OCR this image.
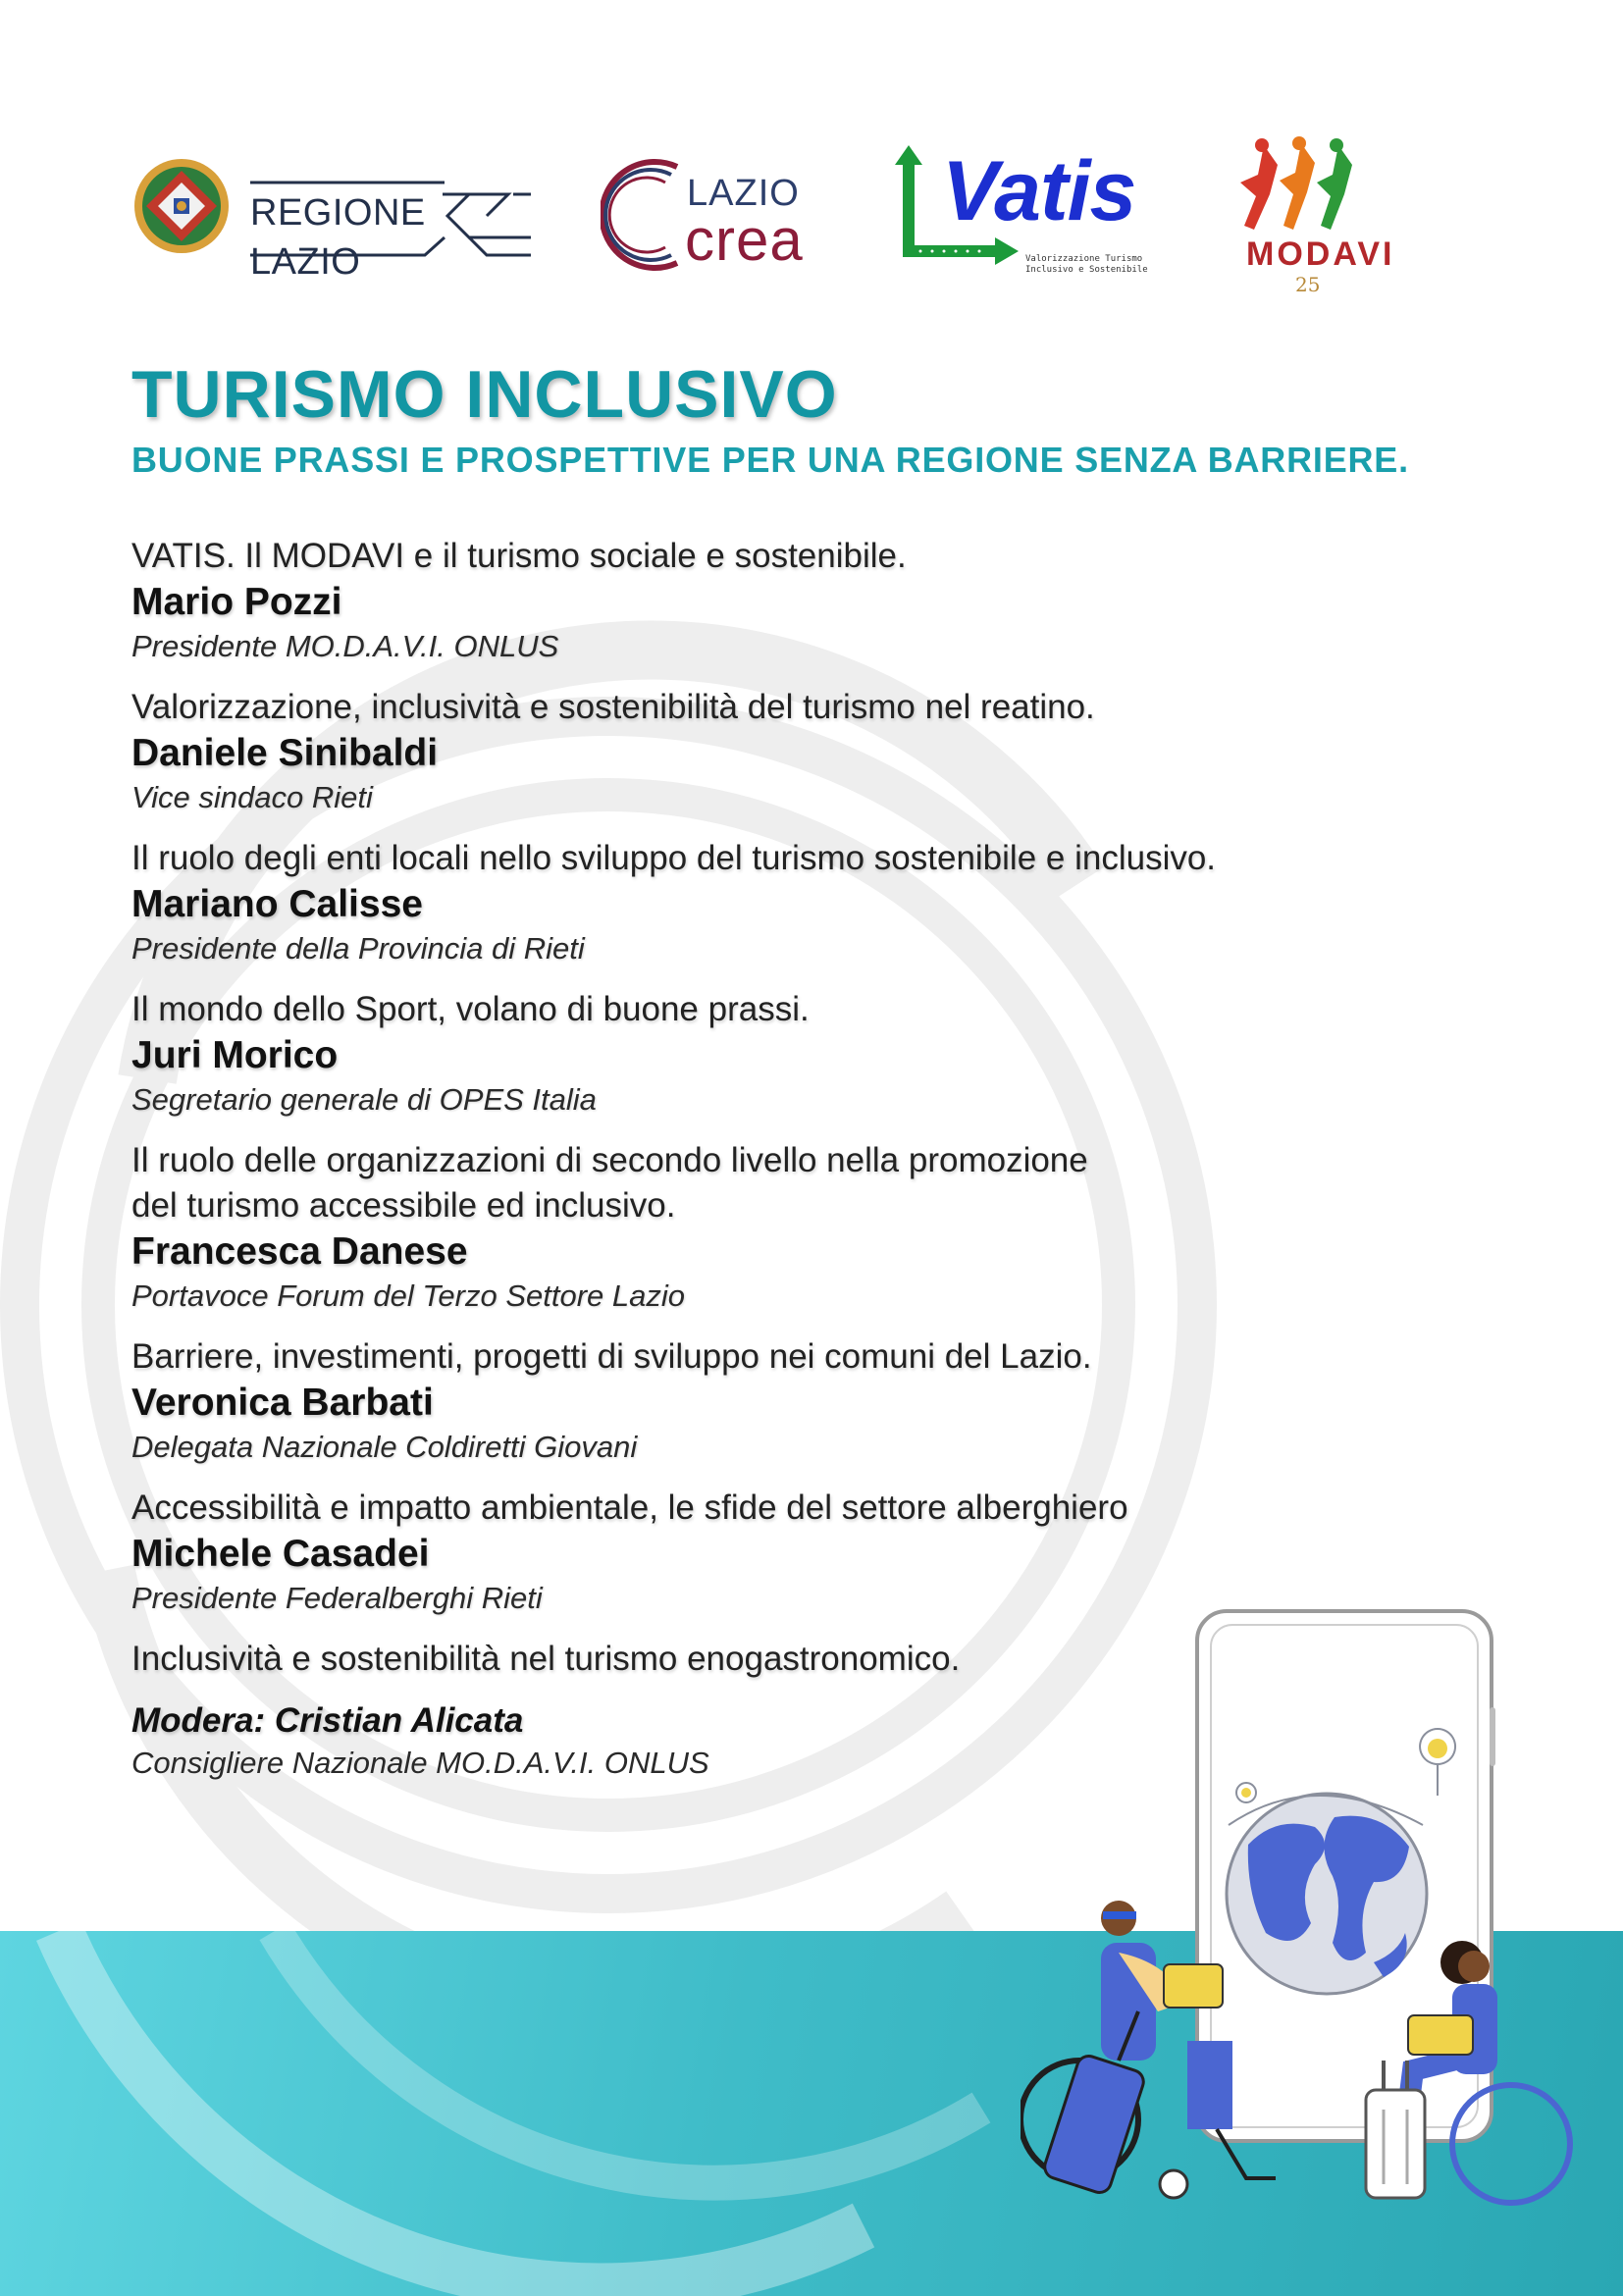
REGIONE
LAZIO
LAZIO
crea
Vatis
Valorizzazione Turismo
Inclusivo e Sostenibile	MODAVI
25
TURISMO INCLUSIVO
BUONE PRASSI E PROSPETTIVE PER UNA REGIONE SENZA BARRIERE.
VATIS. Il MODAVI e il turismo sociale e sostenibile.
Mario Pozzi
Presidente MO.D.A.V.I. ONLUS
Valorizzazione, inclusività e sostenibilità del turismo nel reatino.
Daniele Sinibaldi
Vice sindaco Rieti
Il ruolo degli enti locali nello sviluppo del turismo sostenibile e inclusivo.
Mariano Calisse
Presidente della Provincia di Rieti
Il mondo dello Sport, volano di buone prassi.
Juri Morico
Segretario generale di OPES Italia
Il ruolo delle organizzazioni di secondo livello nella promozione
del turismo accessibile ed inclusivo.
Francesca Danese
Portavoce Forum del Terzo Settore Lazio
Barriere, investimenti, progetti di sviluppo nei comuni del Lazio.
Veronica Barbati
Delegata Nazionale Coldiretti Giovani
Accessibilità e impatto ambientale, le sfide del settore alberghiero
Michele Casadei
Presidente Federalberghi Rieti
Inclusività e sostenibilità nel turismo enogastronomico.
Modera: Cristian Alicata
Consigliere Nazionale MO.D.A.V.I. ONLUS
